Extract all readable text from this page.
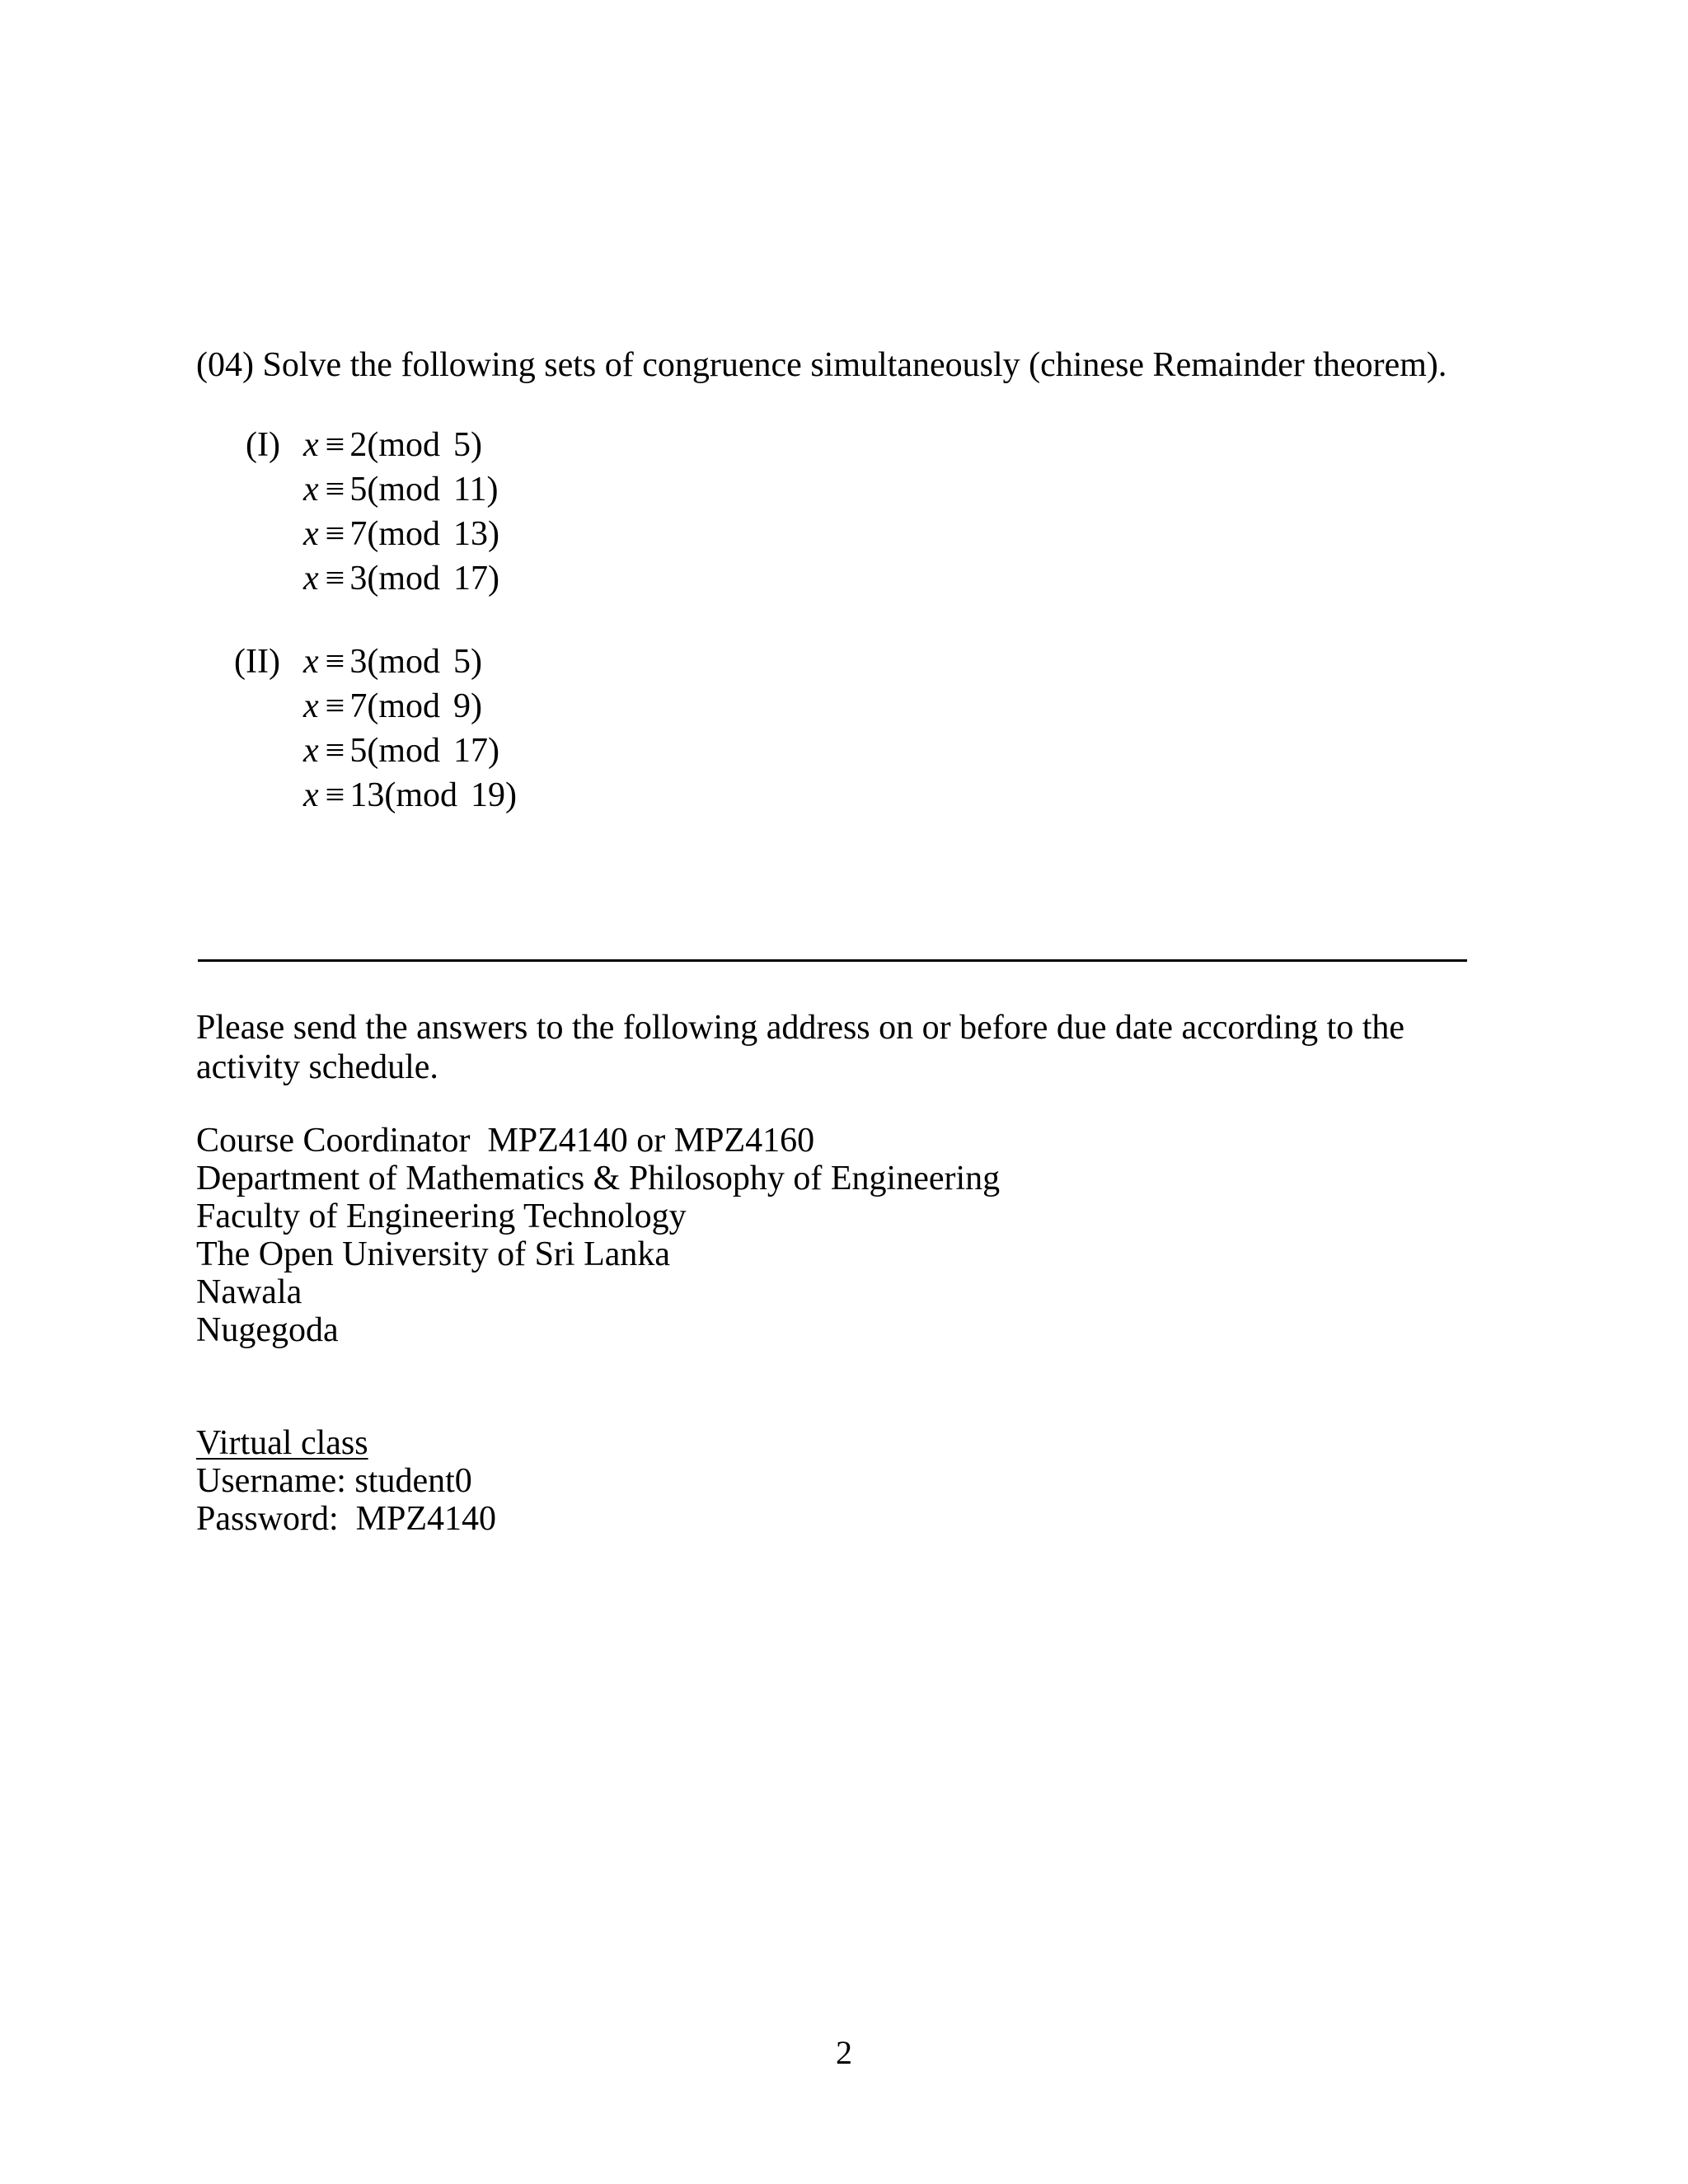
(04) Solve the following sets of congruence simultaneously (chinese Remainder theorem).
(I) x ≡ 2(mod 5)
x ≡ 5(mod 11)
x ≡ 7(mod 13)
x ≡ 3(mod 17)
(II) x ≡ 3(mod 5)
x ≡ 7(mod 9)
x ≡ 5(mod 17)
x ≡ 13(mod 19)
Please send the answers to the following address on or before due date according to the activity schedule.
Course Coordinator  MPZ4140 or MPZ4160
Department of Mathematics & Philosophy of Engineering
Faculty of Engineering Technology
The Open University of Sri Lanka
Nawala
Nugegoda
Virtual class
Username: student0
Password:  MPZ4140
2
